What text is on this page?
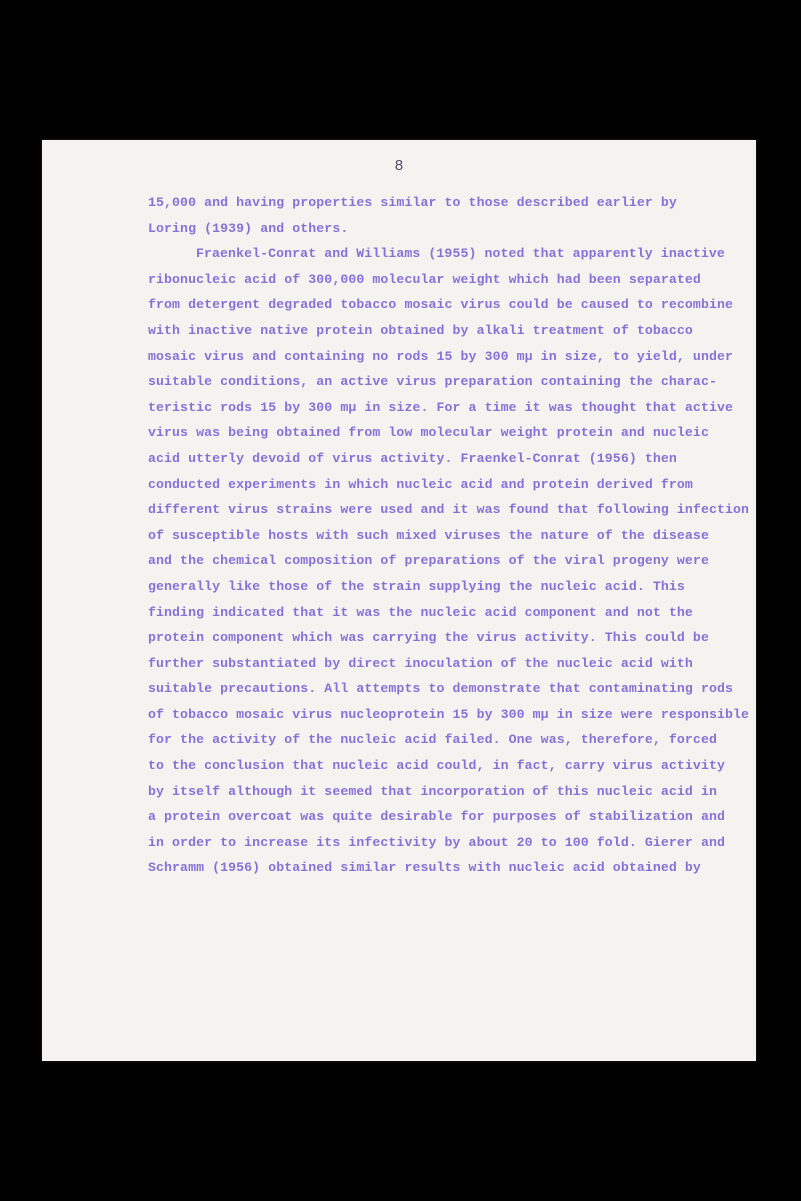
8
15,000 and having properties similar to those described earlier by
Loring (1939) and others.
Fraenkel-Conrat and Williams (1955) noted that apparently inactive
ribonucleic acid of 300,000 molecular weight which had been separated
from detergent degraded tobacco mosaic virus could be caused to recombine
with inactive native protein obtained by alkali treatment of tobacco
mosaic virus and containing no rods 15 by 300 mμ in size, to yield, under
suitable conditions, an active virus preparation containing the charac-
teristic rods 15 by 300 mμ in size. For a time it was thought that active
virus was being obtained from low molecular weight protein and nucleic
acid utterly devoid of virus activity. Fraenkel-Conrat (1956) then
conducted experiments in which nucleic acid and protein derived from
different virus strains were used and it was found that following infection
of susceptible hosts with such mixed viruses the nature of the disease
and the chemical composition of preparations of the viral progeny were
generally like those of the strain supplying the nucleic acid. This
finding indicated that it was the nucleic acid component and not the
protein component which was carrying the virus activity. This could be
further substantiated by direct inoculation of the nucleic acid with
suitable precautions. All attempts to demonstrate that contaminating rods
of tobacco mosaic virus nucleoprotein 15 by 300 mμ in size were responsible
for the activity of the nucleic acid failed. One was, therefore, forced
to the conclusion that nucleic acid could, in fact, carry virus activity
by itself although it seemed that incorporation of this nucleic acid in
a protein overcoat was quite desirable for purposes of stabilization and
in order to increase its infectivity by about 20 to 100 fold. Gierer and
Schramm (1956) obtained similar results with nucleic acid obtained by
